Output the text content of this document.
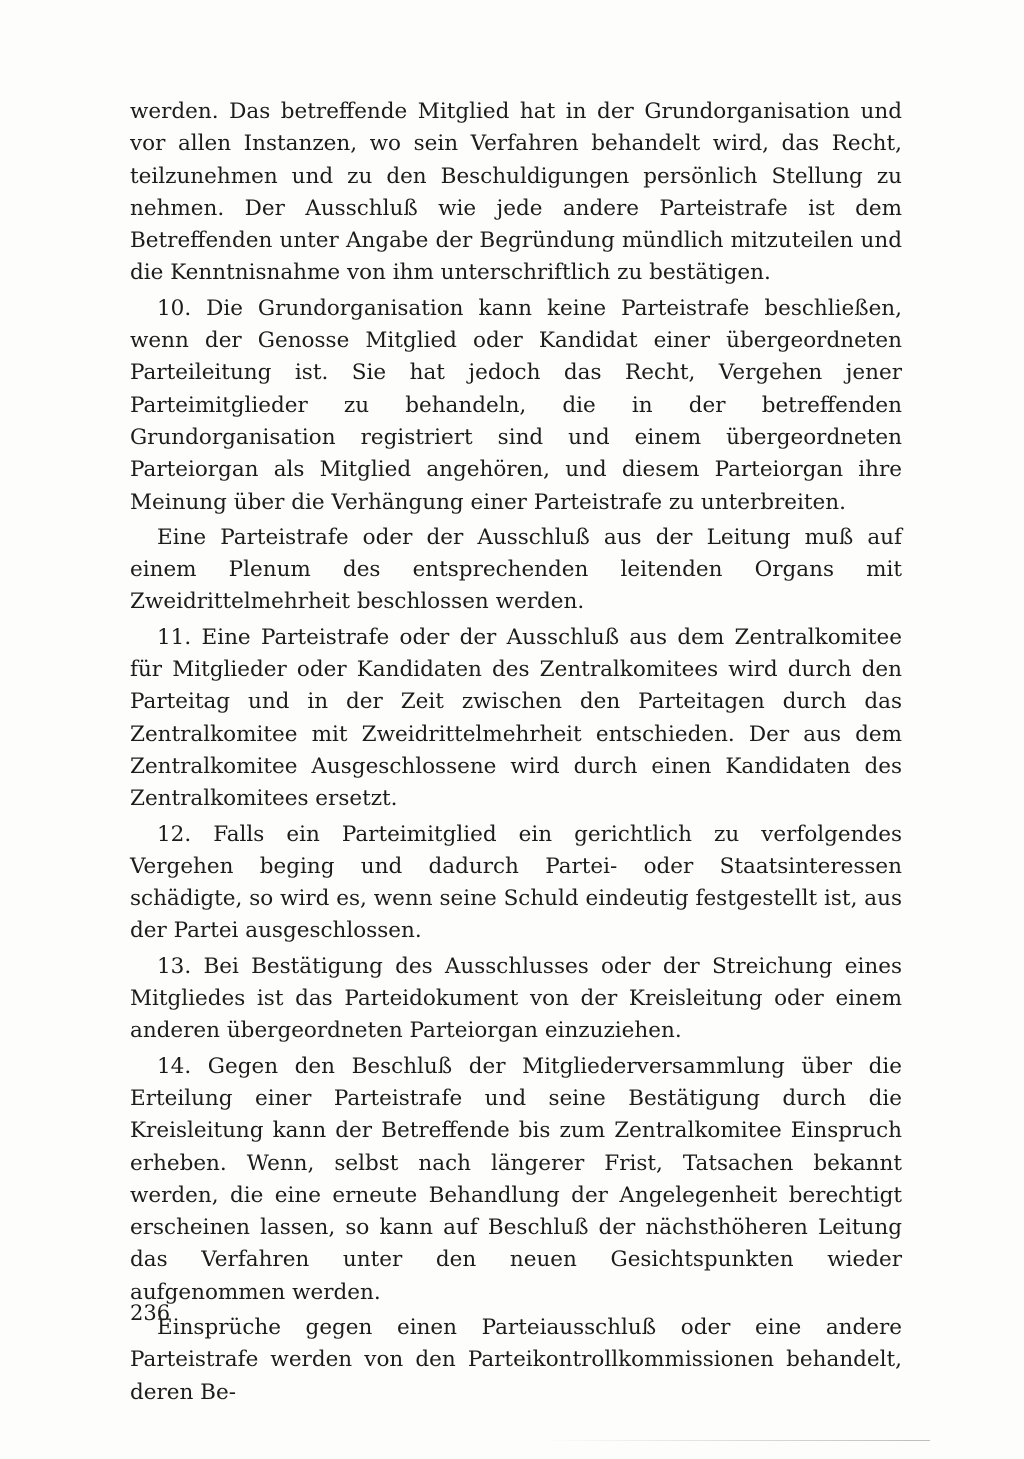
werden. Das betreffende Mitglied hat in der Grundorganisation und vor allen Instanzen, wo sein Verfahren behandelt wird, das Recht, teilzunehmen und zu den Beschuldigungen persönlich Stellung zu nehmen. Der Ausschluß wie jede andere Parteistrafe ist dem Betreffenden unter Angabe der Begründung mündlich mitzuteilen und die Kenntnisnahme von ihm unterschriftlich zu bestätigen.

10. Die Grundorganisation kann keine Parteistrafe beschließen, wenn der Genosse Mitglied oder Kandidat einer übergeordneten Parteileitung ist. Sie hat jedoch das Recht, Vergehen jener Parteimitglieder zu behandeln, die in der betreffenden Grundorganisation registriert sind und einem übergeordneten Parteiorgan als Mitglied angehören, und diesem Parteiorgan ihre Meinung über die Verhängung einer Parteistrafe zu unterbreiten.

Eine Parteistrafe oder der Ausschluß aus der Leitung muß auf einem Plenum des entsprechenden leitenden Organs mit Zweidrittelmehrheit beschlossen werden.

11. Eine Parteistrafe oder der Ausschluß aus dem Zentralkomitee für Mitglieder oder Kandidaten des Zentralkomitees wird durch den Parteitag und in der Zeit zwischen den Parteitagen durch das Zentralkomitee mit Zweidrittelmehrheit entschieden. Der aus dem Zentralkomitee Ausgeschlossene wird durch einen Kandidaten des Zentralkomitees ersetzt.

12. Falls ein Parteimitglied ein gerichtlich zu verfolgendes Vergehen beging und dadurch Partei- oder Staatsinteressen schädigte, so wird es, wenn seine Schuld eindeutig festgestellt ist, aus der Partei ausgeschlossen.

13. Bei Bestätigung des Ausschlusses oder der Streichung eines Mitgliedes ist das Parteidokument von der Kreisleitung oder einem anderen übergeordneten Parteiorgan einzuziehen.

14. Gegen den Beschluß der Mitgliederversammlung über die Erteilung einer Parteistrafe und seine Bestätigung durch die Kreisleitung kann der Betreffende bis zum Zentralkomitee Einspruch erheben. Wenn, selbst nach längerer Frist, Tatsachen bekannt werden, die eine erneute Behandlung der Angelegenheit berechtigt erscheinen lassen, so kann auf Beschluß der nächsthöheren Leitung das Verfahren unter den neuen Gesichtspunkten wieder aufgenommen werden.

Einsprüche gegen einen Parteiausschluß oder eine andere Parteistrafe werden von den Parteikontrollkommissionen behandelt, deren Be-

236
